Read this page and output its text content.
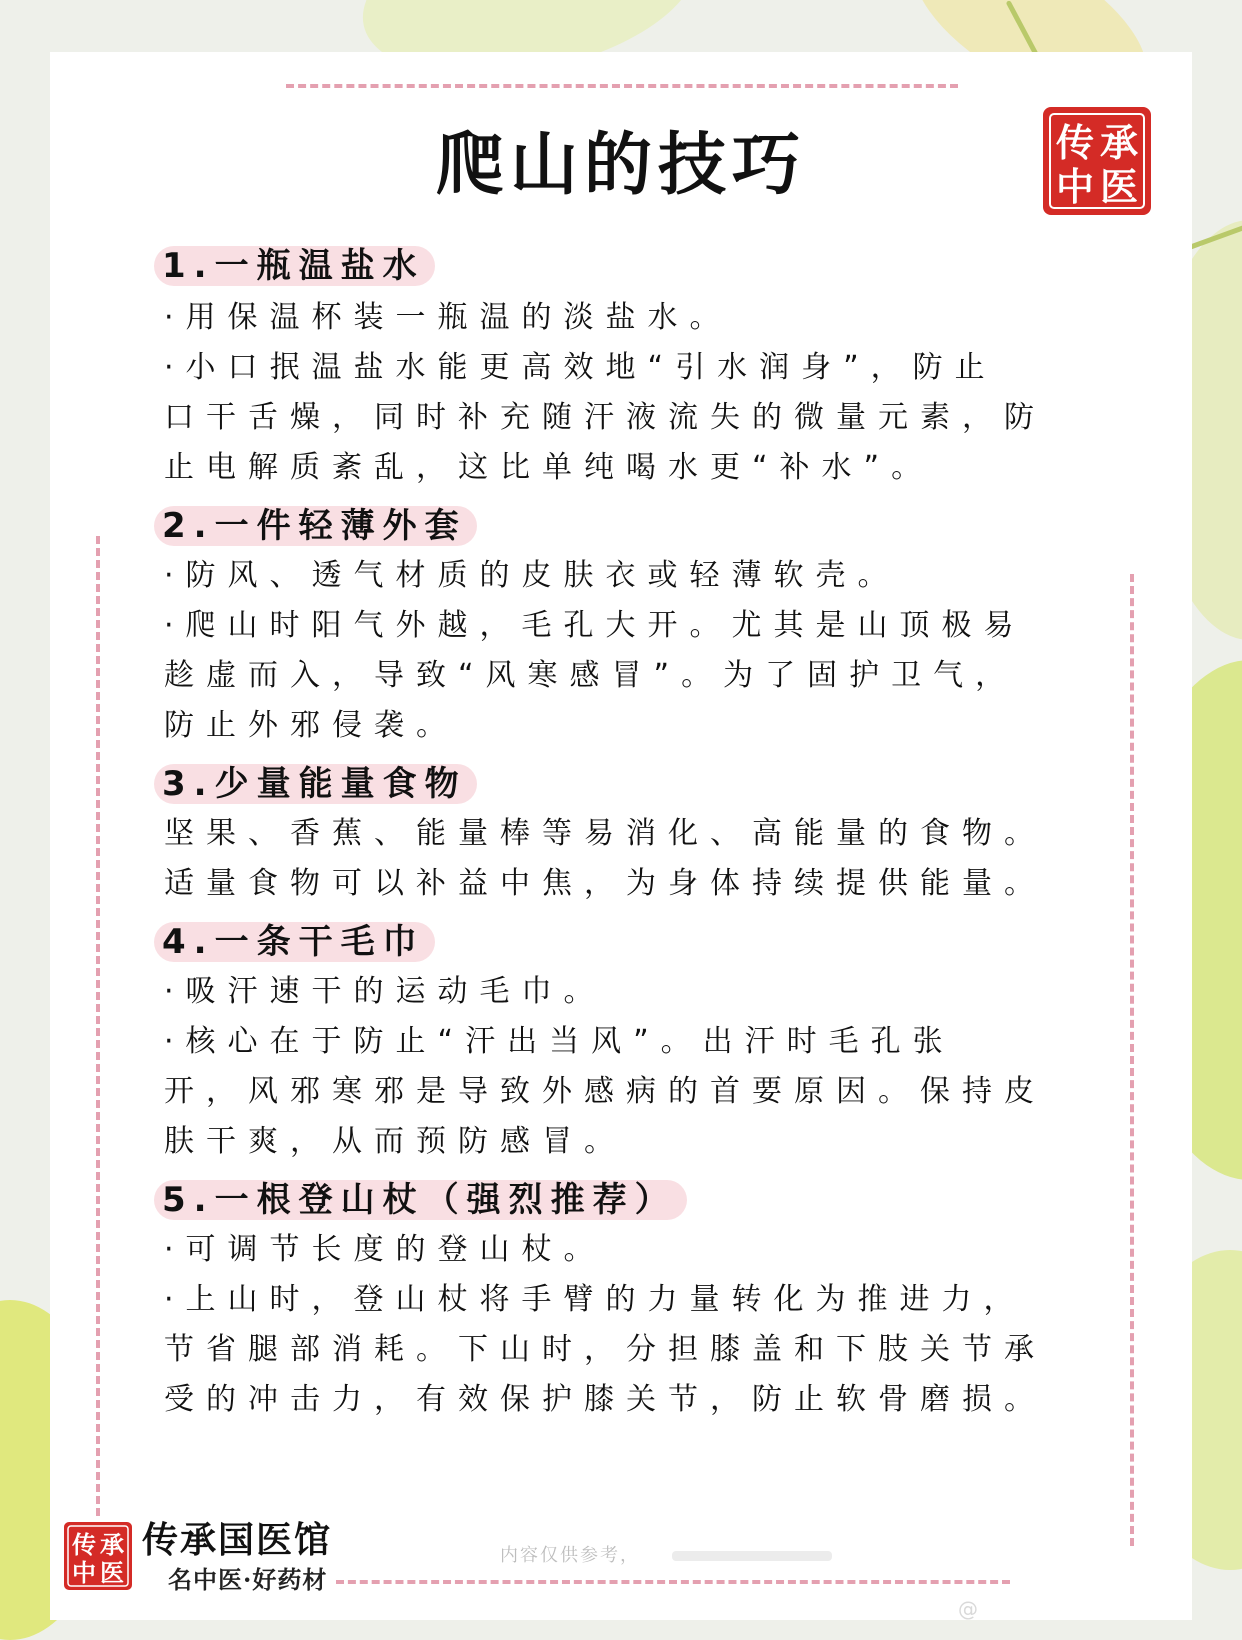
爬山的技巧	传 承
中 医
1.一瓶温盐水
·用保温杯装一瓶温的淡盐水。
·小口抿温盐水能更高效地“引水润身”，防止
口干舌燥，同时补充随汗液流失的微量元素，防
止电解质紊乱，这比单纯喝水更“补水”。
2.一件轻薄外套
·防风、透气材质的皮肤衣或轻薄软壳。
·爬山时阳气外越，毛孔大开。尤其是山顶极易
趁虚而入，导致“风寒感冒”。为了固护卫气，
防止外邪侵袭。
3.少量能量食物
坚果、香蕉、能量棒等易消化、高能量的食物。
适量食物可以补益中焦，为身体持续提供能量。
4.一条干毛巾
·吸汗速干的运动毛巾。
·核心在于防止“汗出当风”。出汗时毛孔张
开，风邪寒邪是导致外感病的首要原因。保持皮
肤干爽，从而预防感冒。
5.一根登山杖（强烈推荐）
·可调节长度的登山杖。
·上山时，登山杖将手臂的力量转化为推进力，
节省腿部消耗。下山时，分担膝盖和下肢关节承
受的冲击力，有效保护膝关节，防止软骨磨损。
传 承
中 医
传承国医馆
名中医·好药材
内容仅供参考，
@
